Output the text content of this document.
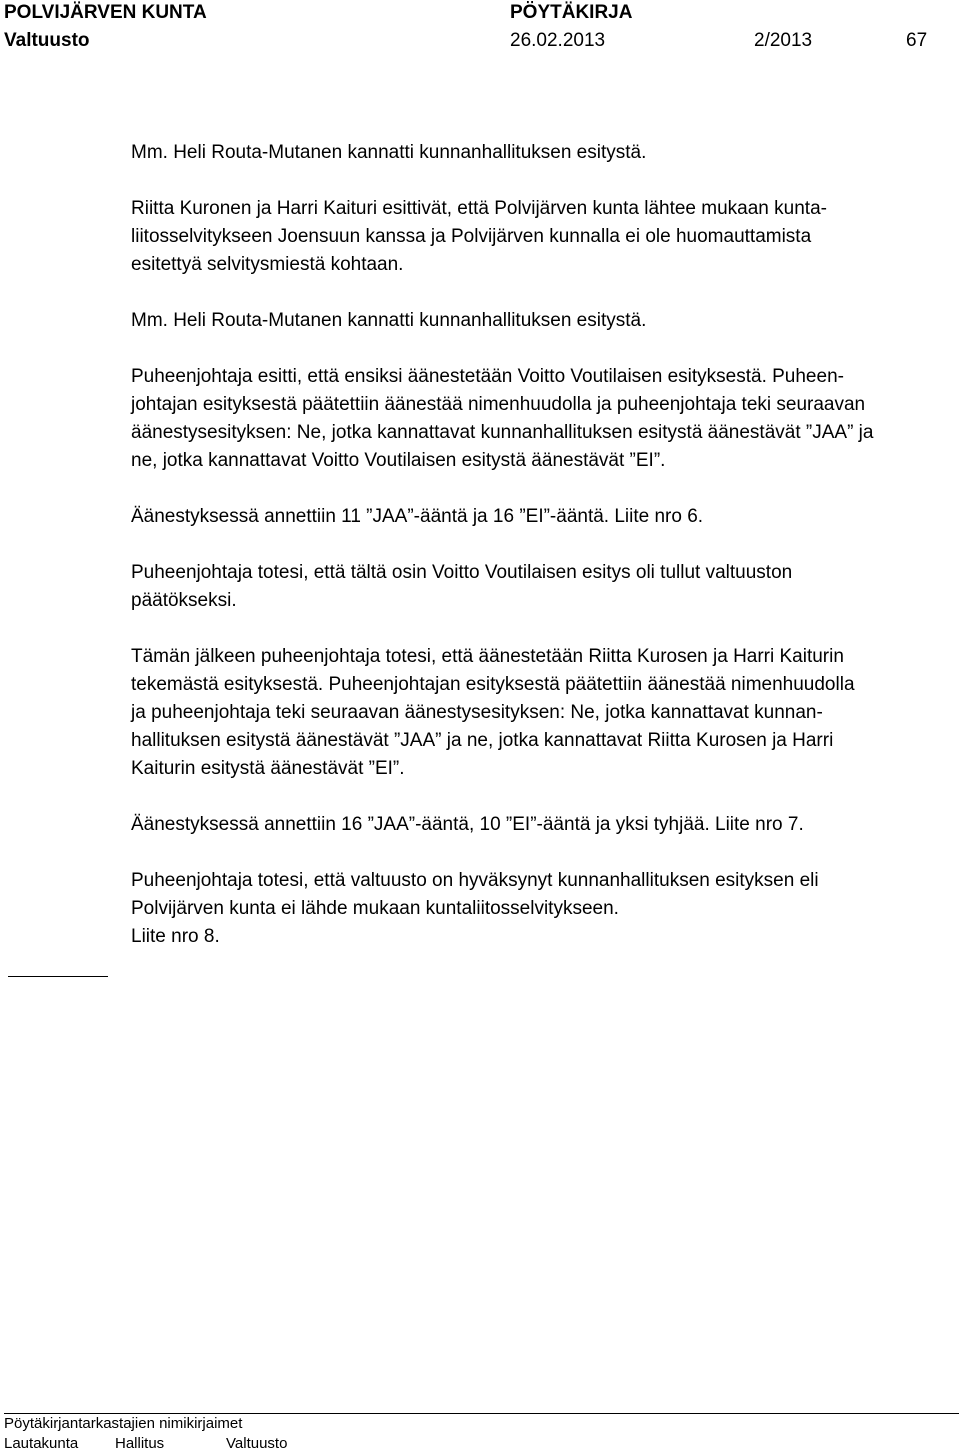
POLVIJÄRVEN KUNTA	PÖYTÄKIRJA
Valtuusto	26.02.2013	2/2013	67
Mm. Heli Routa-Mutanen kannatti kunnanhallituksen esitystä.
Riitta Kuronen ja Harri Kaituri esittivät, että Polvijärven kunta lähtee mukaan kunta-
liitosselvitykseen Joensuun kanssa ja Polvijärven kunnalla ei ole huomauttamista
esitettyä selvitysmiestä kohtaan.
Mm. Heli Routa-Mutanen kannatti kunnanhallituksen esitystä.
Puheenjohtaja esitti, että ensiksi äänestetään Voitto Voutilaisen esityksestä. Puheen-
johtajan esityksestä päätettiin äänestää nimenhuudolla ja puheenjohtaja teki seuraavan
äänestysesityksen: Ne, jotka kannattavat kunnanhallituksen esitystä äänestävät ”JAA” ja
ne, jotka kannattavat Voitto Voutilaisen esitystä äänestävät ”EI”.
Äänestyksessä annettiin 11 ”JAA”-ääntä ja 16 ”EI”-ääntä. Liite nro 6.
Puheenjohtaja totesi, että tältä osin Voitto Voutilaisen esitys oli tullut valtuuston
päätökseksi.
Tämän jälkeen puheenjohtaja totesi, että äänestetään Riitta Kurosen ja Harri Kaiturin
tekemästä esityksestä. Puheenjohtajan esityksestä päätettiin äänestää nimenhuudolla
ja puheenjohtaja teki seuraavan äänestysesityksen: Ne, jotka kannattavat kunnan-
hallituksen esitystä äänestävät ”JAA” ja ne, jotka kannattavat Riitta Kurosen ja Harri
Kaiturin esitystä äänestävät ”EI”.
Äänestyksessä annettiin 16 ”JAA”-ääntä, 10 ”EI”-ääntä ja yksi tyhjää. Liite nro 7.
Puheenjohtaja totesi, että valtuusto on hyväksynyt kunnanhallituksen esityksen eli
Polvijärven kunta ei lähde mukaan kuntaliitosselvitykseen.
Liite nro 8.
Pöytäkirjantarkastajien nimikirjaimet
Lautakunta Hallitus	Valtuusto
